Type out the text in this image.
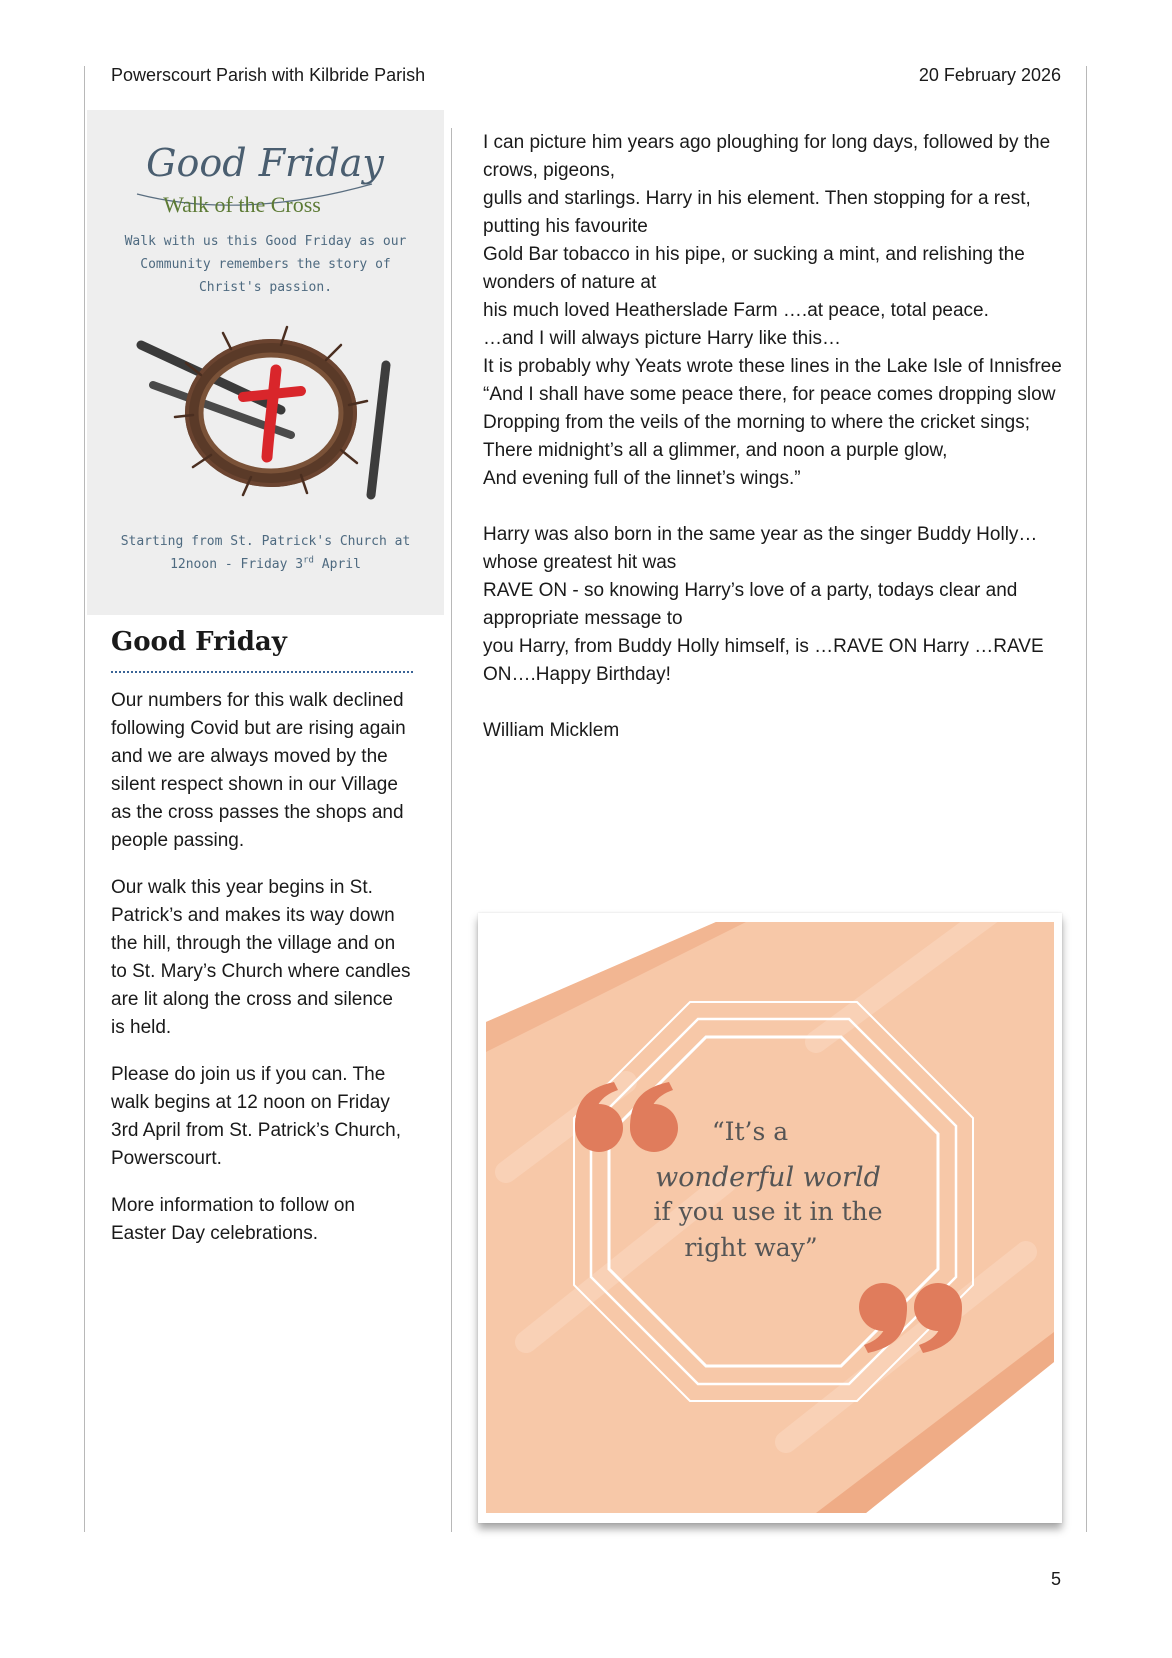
Powerscourt Parish with Kilbride Parish	20 February 2026
Good Friday
Walk of the Cross
Walk with us this Good Friday as our
Community remembers the story of
Christ's passion.
Starting from St. Patrick's Church at
12noon - Friday 3rd April
Good Friday

Our numbers for this walk declined following Covid but are rising again and we are always moved by the silent respect shown in our Village as the cross passes the shops and people passing.

Our walk this year begins in St. Patrick’s and makes its way down the hill, through the village and on to St. Mary’s Church where candles are lit along the cross and silence is held.

Please do join us if you can. The walk begins at 12 noon on Friday 3rd April from St. Patrick’s Church, Powerscourt.

More information to follow on Easter Day celebrations.

I can picture him years ago ploughing for long days, followed by the crows, pigeons,
gulls and starlings. Harry in his element. Then stopping for a rest, putting his favourite
Gold Bar tobacco in his pipe, or sucking a mint, and relishing the wonders of nature at
his much loved Heatherslade Farm ….at peace, total peace.
…and I will always picture Harry like this…
It is probably why Yeats wrote these lines in the Lake Isle of Innisfree
“And I shall have some peace there, for peace comes dropping slow
Dropping from the veils of the morning to where the cricket sings;
There midnight’s all a glimmer, and noon a purple glow,
And evening full of the linnet’s wings.”
Harry was also born in the same year as the singer Buddy Holly…whose greatest hit was
RAVE ON - so knowing Harry’s love of a party, todays clear and appropriate message to
you Harry, from Buddy Holly himself, is …RAVE ON Harry …RAVE ON….Happy Birthday!
William Micklem
“It’s a
wonderful world
if you use it in the
right way”
5
